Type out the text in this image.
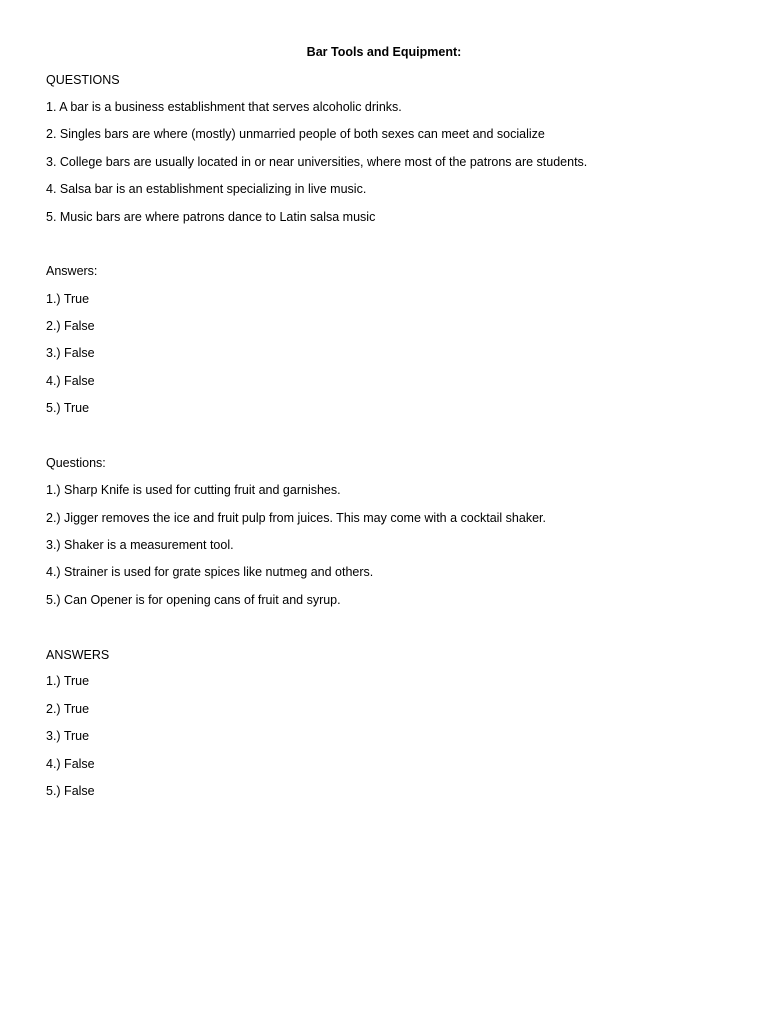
Bar Tools and Equipment:
QUESTIONS
1. A bar is a business establishment that serves alcoholic drinks.
2. Singles bars are where (mostly) unmarried people of both sexes can meet and socialize
3. College bars are usually located in or near universities, where most of the patrons are students.
4. Salsa bar is an establishment specializing in live music.
5. Music bars are where patrons dance to Latin salsa music
Answers:
1.) True
2.) False
3.) False
4.) False
5.) True
Questions:
1.) Sharp Knife is used for cutting fruit and garnishes.
2.) Jigger removes the ice and fruit pulp from juices. This may come with a cocktail shaker.
3.) Shaker is a measurement tool.
4.) Strainer is used for grate spices like nutmeg and others.
5.) Can Opener is for opening cans of fruit and syrup.
ANSWERS
1.) True
2.) True
3.) True
4.) False
5.) False
